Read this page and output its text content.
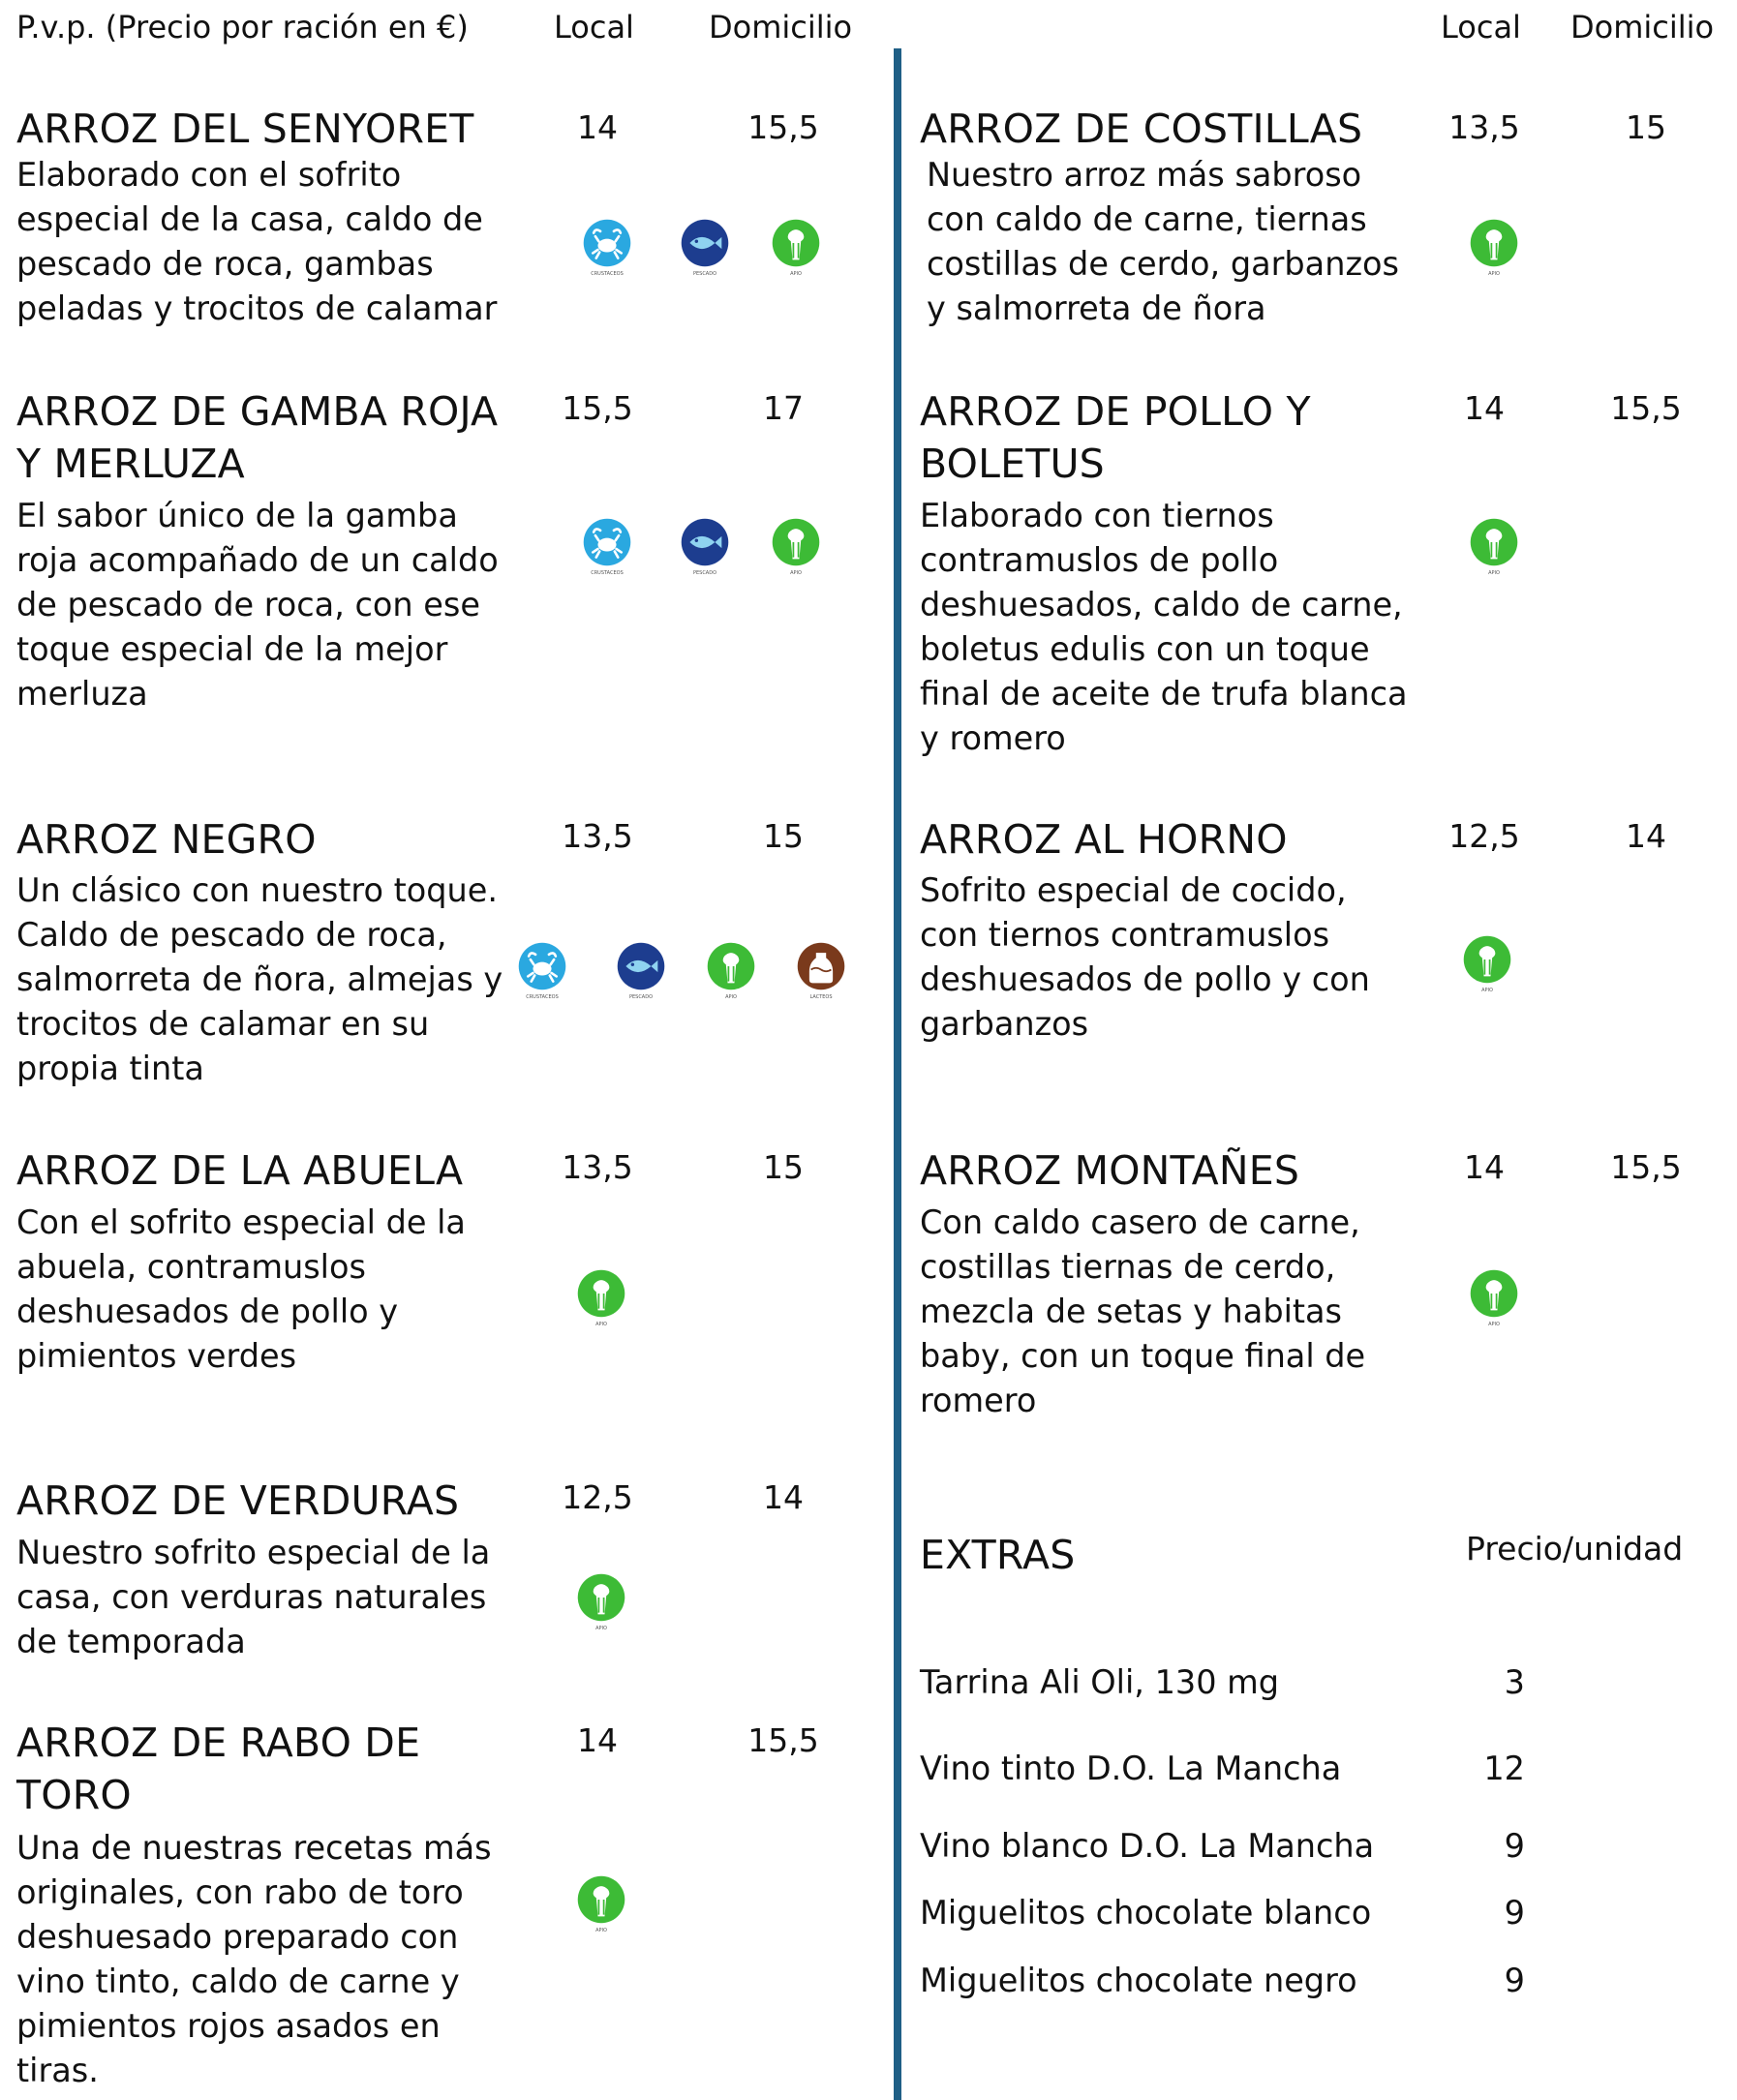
P.v.p. (Precio por ración en €)	Local Domicilio	Local Domicilio
ARROZ DEL SENYORET	14	15,5
Elaborado con el sofrito
especial de la casa, caldo de
pescado de roca, gambas
peladas y trocitos de calamar
CRUSTACEOS	PESCADO	APIO
ARROZ DE GAMBA ROJA
Y MERLUZA
15,5	17
El sabor único de la gamba
roja acompañado de un caldo
de pescado de roca, con ese
toque especial de la mejor
merluza
CRUSTACEOS	PESCADO	APIO
ARROZ NEGRO	13,5	15
Un clásico con nuestro toque.
Caldo de pescado de roca,
salmorreta de ñora, almejas y
trocitos de calamar en su
propia tinta
CRUSTACEOS	PESCADO	APIO	LACTEOS
ARROZ DE LA ABUELA	13,5	15
Con el sofrito especial de la
abuela, contramuslos
deshuesados de pollo y
pimientos verdes
APIO
ARROZ DE VERDURAS	12,5	14
Nuestro sofrito especial de la
casa, con verduras naturales
de temporada	APIO
ARROZ DE RABO DE
TORO
14	15,5
Una de nuestras recetas más
originales, con rabo de toro
deshuesado preparado con
vino tinto, caldo de carne y
pimientos rojos asados en
tiras.
APIO
ARROZ DE COSTILLAS	13,5	15
Nuestro arroz más sabroso
con caldo de carne, tiernas
costillas de cerdo, garbanzos
y salmorreta de ñora
APIO
ARROZ DE POLLO Y
BOLETUS
14	15,5
Elaborado con tiernos
contramuslos de pollo
deshuesados, caldo de carne,
boletus edulis con un toque
final de aceite de trufa blanca
y romero
APIO
ARROZ AL HORNO	12,5	14
Sofrito especial de cocido,
con tiernos contramuslos
deshuesados de pollo y con
garbanzos
APIO
ARROZ MONTAÑES	14	15,5
Con caldo casero de carne,
costillas tiernas de cerdo,
mezcla de setas y habitas
baby, con un toque final de
romero
APIO
EXTRAS	Precio/unidad
Tarrina Ali Oli, 130 mg	3
Vino tinto D.O. La Mancha	12
Vino blanco D.O. La Mancha	9
Miguelitos chocolate blanco	9
Miguelitos chocolate negro	9
